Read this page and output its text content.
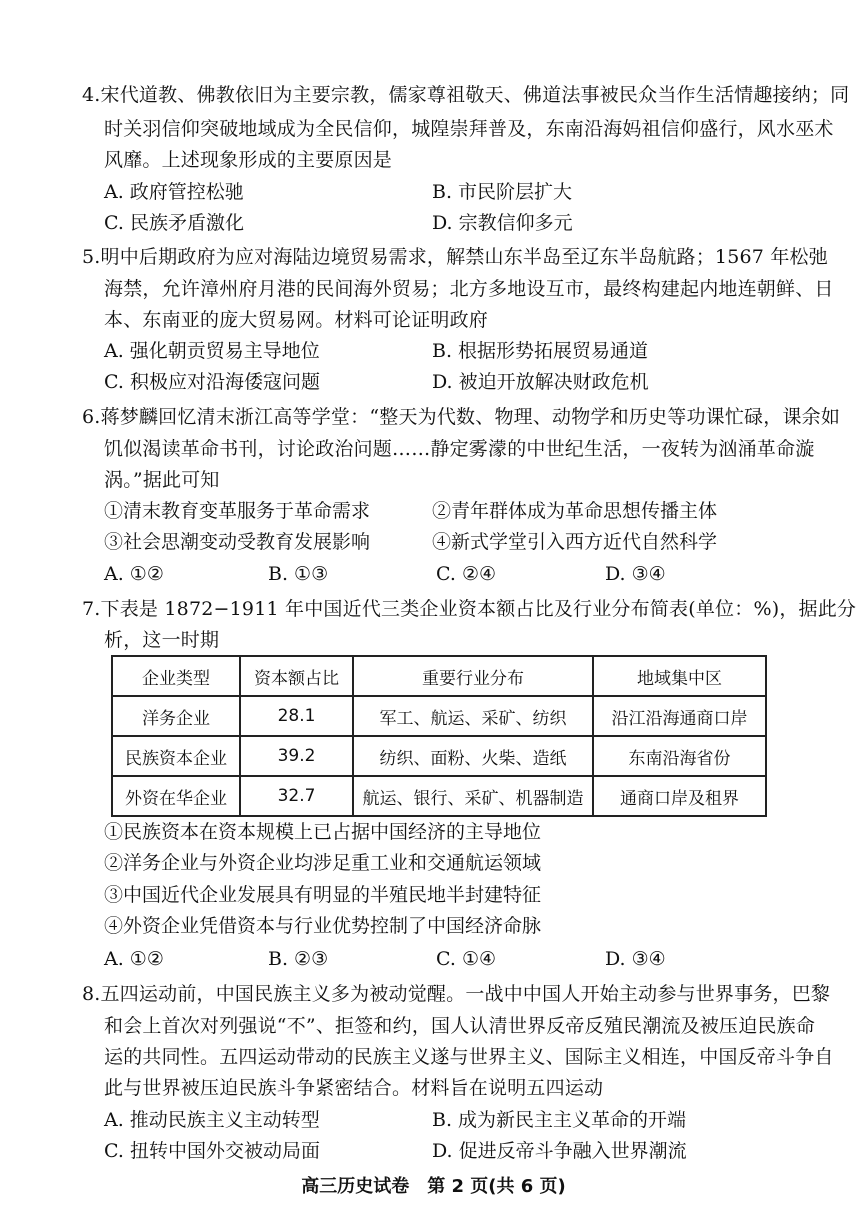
4.宋代道教、佛教依旧为主要宗教，儒家尊祖敬天、佛道法事被民众当作生活情趣接纳；同
时关羽信仰突破地域成为全民信仰，城隍崇拜普及，东南沿海妈祖信仰盛行，风水巫术
风靡。上述现象形成的主要原因是
A. 政府管控松驰	B. 市民阶层扩大
C. 民族矛盾激化	D. 宗教信仰多元
5.明中后期政府为应对海陆边境贸易需求，解禁山东半岛至辽东半岛航路；1567 年松弛
海禁，允许漳州府月港的民间海外贸易；北方多地设互市，最终构建起内地连朝鲜、日
本、东南亚的庞大贸易网。材料可论证明政府
A. 强化朝贡贸易主导地位	B. 根据形势拓展贸易通道
C. 积极应对沿海倭寇问题	D. 被迫开放解决财政危机
6.蒋梦麟回忆清末浙江高等学堂：“整天为代数、物理、动物学和历史等功课忙碌，课余如
饥似渴读革命书刊，讨论政治问题……静定雾濛的中世纪生活，一夜转为汹涌革命漩
涡。”据此可知
①清末教育变革服务于革命需求	②青年群体成为革命思想传播主体
③社会思潮变动受教育发展影响	④新式学堂引入西方近代自然科学
A. ①②	B. ①③	C. ②④	D. ③④
7.下表是 1872−1911 年中国近代三类企业资本额占比及行业分布简表(单位：%)，据此分
析，这一时期
企业类型	资本额占比	重要行业分布	地域集中区
洋务企业	28.1	军工、航运、采矿、纺织	沿江沿海通商口岸
民族资本企业	39.2	纺织、面粉、火柴、造纸	东南沿海省份
外资在华企业	32.7	航运、银行、采矿、机器制造	通商口岸及租界
①民族资本在资本规模上已占据中国经济的主导地位
②洋务企业与外资企业均涉足重工业和交通航运领域
③中国近代企业发展具有明显的半殖民地半封建特征
④外资企业凭借资本与行业优势控制了中国经济命脉
A. ①②	B. ②③	C. ①④	D. ③④
8.五四运动前，中国民族主义多为被动觉醒。一战中中国人开始主动参与世界事务，巴黎
和会上首次对列强说“不”、拒签和约，国人认清世界反帝反殖民潮流及被压迫民族命
运的共同性。五四运动带动的民族主义遂与世界主义、国际主义相连，中国反帝斗争自
此与世界被压迫民族斗争紧密结合。材料旨在说明五四运动
A. 推动民族主义主动转型	B. 成为新民主主义革命的开端
C. 扭转中国外交被动局面	D. 促进反帝斗争融入世界潮流
高三历史试卷　第 2 页(共 6 页)
